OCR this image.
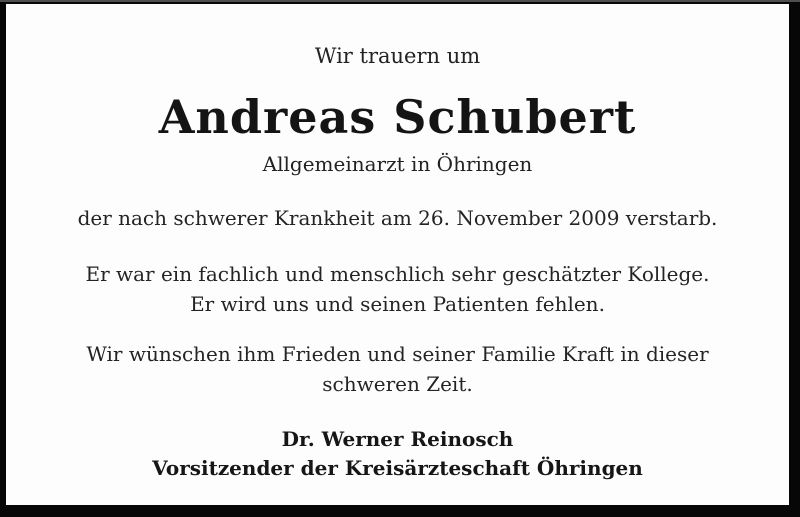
Wir trauern um

Andreas Schubert

Allgemeinarzt in Öhringen

der nach schwerer Krankheit am 26. November 2009 verstarb.

Er war ein fachlich und menschlich sehr geschätzter Kollege.
Er wird uns und seinen Patienten fehlen.

Wir wünschen ihm Frieden und seiner Familie Kraft in dieser
schweren Zeit.

Dr. Werner Reinosch
Vorsitzender der Kreisärzteschaft Öhringen
